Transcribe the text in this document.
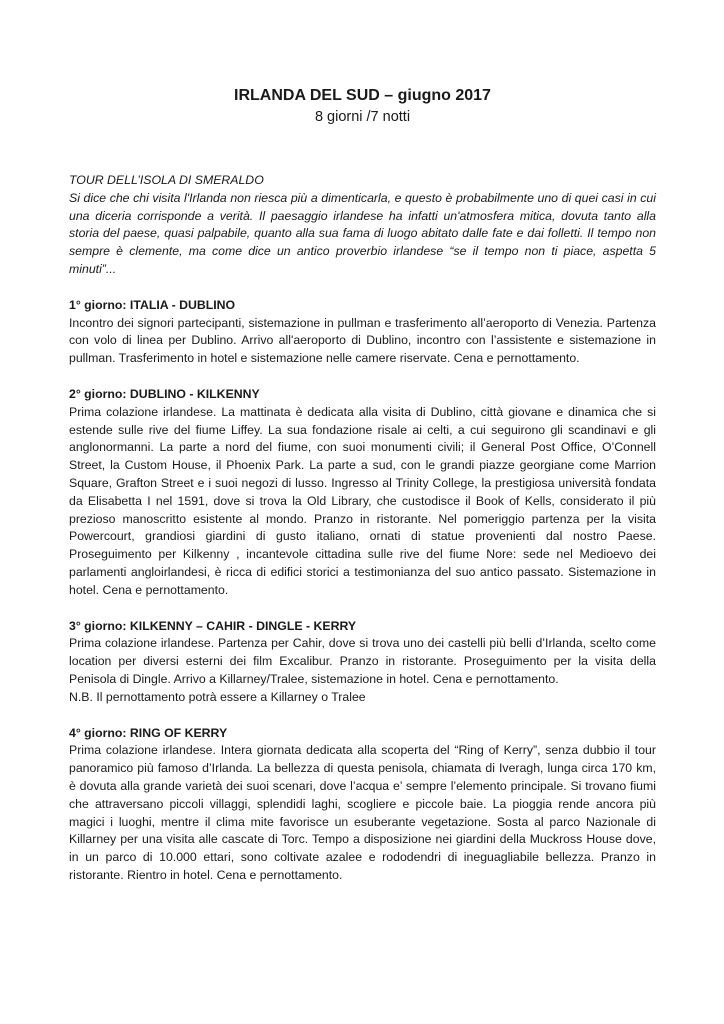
IRLANDA DEL SUD – giugno 2017
8 giorni /7 notti

TOUR DELL’ISOLA DI SMERALDO

Si dice che chi visita l'Irlanda non riesca più a dimenticarla, e questo è probabilmente uno di quei casi in cui una diceria corrisponde a verità. Il paesaggio irlandese ha infatti un'atmosfera mitica, dovuta tanto alla storia del paese, quasi palpabile, quanto alla sua fama di luogo abitato dalle fate e dai folletti. Il tempo non sempre è clemente, ma come dice un antico proverbio irlandese “se il tempo non ti piace, aspetta 5 minuti”...

1° giorno: ITALIA - DUBLINO

Incontro dei signori partecipanti, sistemazione in pullman e trasferimento all’aeroporto di Venezia. Partenza con volo di linea per Dublino. Arrivo all'aeroporto di Dublino, incontro con l’assistente e sistemazione in pullman. Trasferimento in hotel e sistemazione nelle camere riservate. Cena e pernottamento.

2° giorno: DUBLINO - KILKENNY

Prima colazione irlandese. La mattinata è dedicata alla visita di Dublino, città giovane e dinamica che si estende sulle rive del fiume Liffey. La sua fondazione risale ai celti, a cui seguirono gli scandinavi e gli anglonormanni. La parte a nord del fiume, con suoi monumenti civili; il General Post Office, O’Connell Street, la Custom House, il Phoenix Park. La parte a sud, con le grandi piazze georgiane come Marrion Square, Grafton Street e i suoi negozi di lusso. Ingresso al Trinity College, la prestigiosa università fondata da Elisabetta I nel 1591, dove si trova la Old Library, che custodisce il Book of Kells, considerato il più prezioso manoscritto esistente al mondo. Pranzo in ristorante. Nel pomeriggio partenza per la visita Powercourt, grandiosi giardini di gusto italiano, ornati di statue provenienti dal nostro Paese. Proseguimento per Kilkenny , incantevole cittadina sulle rive del fiume Nore: sede nel Medioevo dei parlamenti angloirlandesi, è ricca di edifici storici a testimonianza del suo antico passato. Sistemazione in hotel. Cena e pernottamento.

3° giorno: KILKENNY – CAHIR - DINGLE - KERRY

Prima colazione irlandese. Partenza per Cahir, dove si trova uno dei castelli più belli d’Irlanda, scelto come location per diversi esterni dei film Excalibur. Pranzo in ristorante. Proseguimento per la visita della Penisola di Dingle. Arrivo a Killarney/Tralee, sistemazione in hotel. Cena e pernottamento.

N.B. Il pernottamento potrà essere a Killarney o Tralee

4° giorno: RING OF KERRY

Prima colazione irlandese. Intera giornata dedicata alla scoperta del “Ring of Kerry”, senza dubbio il tour panoramico più famoso d’Irlanda. La bellezza di questa penisola, chiamata di Iveragh, lunga circa 170 km, è dovuta alla grande varietà dei suoi scenari, dove l’acqua e’ sempre l’elemento principale. Si trovano fiumi che attraversano piccoli villaggi, splendidi laghi, scogliere e piccole baie. La pioggia rende ancora più magici i luoghi, mentre il clima mite favorisce un esuberante vegetazione. Sosta al parco Nazionale di Killarney per una visita alle cascate di Torc. Tempo a disposizione nei giardini della Muckross House dove, in un parco di 10.000 ettari, sono coltivate azalee e rododendri di ineguagliabile bellezza. Pranzo in ristorante. Rientro in hotel. Cena e pernottamento.
